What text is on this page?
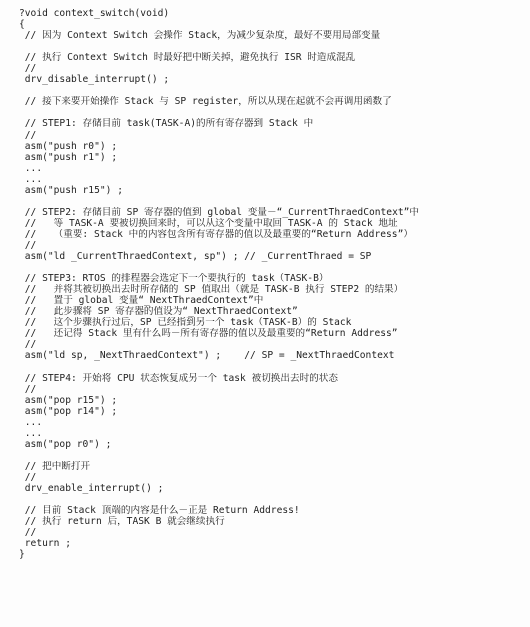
?void context_switch(void)
{
// 因为 Context Switch 会操作 Stack，为减少复杂度，最好不要用局部变量
// 执行 Context Switch 时最好把中断关掉，避免执行 ISR 时造成混乱
//
drv_disable_interrupt() ;
// 接下来要开始操作 Stack 与 SP register，所以从现在起就不会再调用函数了
// STEP1: 存储目前 task(TASK-A)的所有寄存器到 Stack 中
//
asm("push r0") ;
asm("push r1") ;
...
...
asm("push r15") ;
// STEP2: 存储目前 SP 寄存器的值到 global 变量－“_CurrentThraedContext”中
//   等 TASK-A 要被切换回来时，可以从这个变量中取回 TASK-A 的 Stack 地址
//   （重要: Stack 中的内容包含所有寄存器的值以及最重要的“Return Address”）
//
asm("ld _CurrentThraedContext, sp") ; // _CurrentThraed = SP
// STEP3: RTOS 的排程器会选定下一个要执行的 task（TASK-B）
//   并将其被切换出去时所存储的 SP 值取出（就是 TASK-B 执行 STEP2 的结果）
//   置于 global 变量“_NextThraedContext”中
//   此步骤将 SP 寄存器的值设为“_NextThraedContext”
//   这个步骤执行过后，SP 已经指到另一个 task（TASK-B）的 Stack
//   还记得 Stack 里有什么吗－所有寄存器的值以及最重要的“Return Address”
//
asm("ld sp, _NextThraedContext") ;    // SP = _NextThraedContext
// STEP4: 开始将 CPU 状态恢复成另一个 task 被切换出去时的状态
//
asm("pop r15") ;
asm("pop r14") ;
...
...
asm("pop r0") ;
// 把中断打开
//
drv_enable_interrupt() ;
// 目前 Stack 顶端的内容是什么－正是 Return Address!
// 执行 return 后，TASK B 就会继续执行
//
return ;
}
